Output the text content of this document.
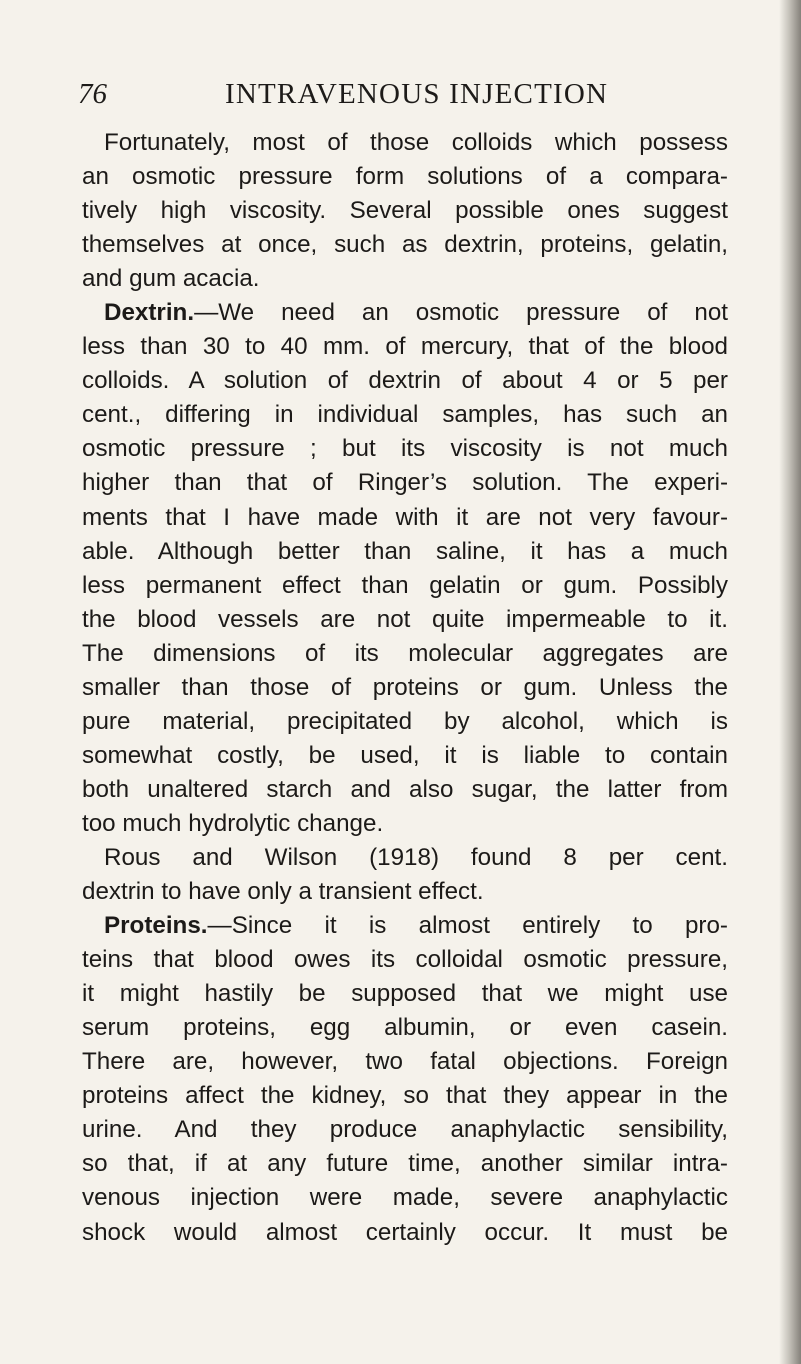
76	INTRAVENOUS INJECTION
Fortunately, most of those colloids which possess
an osmotic pressure form solutions of a compara-
tively high viscosity. Several possible ones suggest
themselves at once, such as dextrin, proteins, gelatin,
and gum acacia.
Dextrin.—We need an osmotic pressure of not
less than 30 to 40 mm. of mercury, that of the blood
colloids. A solution of dextrin of about 4 or 5 per
cent., differing in individual samples, has such an
osmotic pressure ; but its viscosity is not much
higher than that of Ringer’s solution. The experi-
ments that I have made with it are not very favour-
able. Although better than saline, it has a much
less permanent effect than gelatin or gum. Possibly
the blood vessels are not quite impermeable to it.
The dimensions of its molecular aggregates are
smaller than those of proteins or gum. Unless the
pure material, precipitated by alcohol, which is
somewhat costly, be used, it is liable to contain
both unaltered starch and also sugar, the latter from
too much hydrolytic change.
Rous and Wilson (1918) found 8 per cent.
dextrin to have only a transient effect.
Proteins.—Since it is almost entirely to pro-
teins that blood owes its colloidal osmotic pressure,
it might hastily be supposed that we might use
serum proteins, egg albumin, or even casein.
There are, however, two fatal objections. Foreign
proteins affect the kidney, so that they appear in the
urine. And they produce anaphylactic sensibility,
so that, if at any future time, another similar intra-
venous injection were made, severe anaphylactic
shock would almost certainly occur. It must be
